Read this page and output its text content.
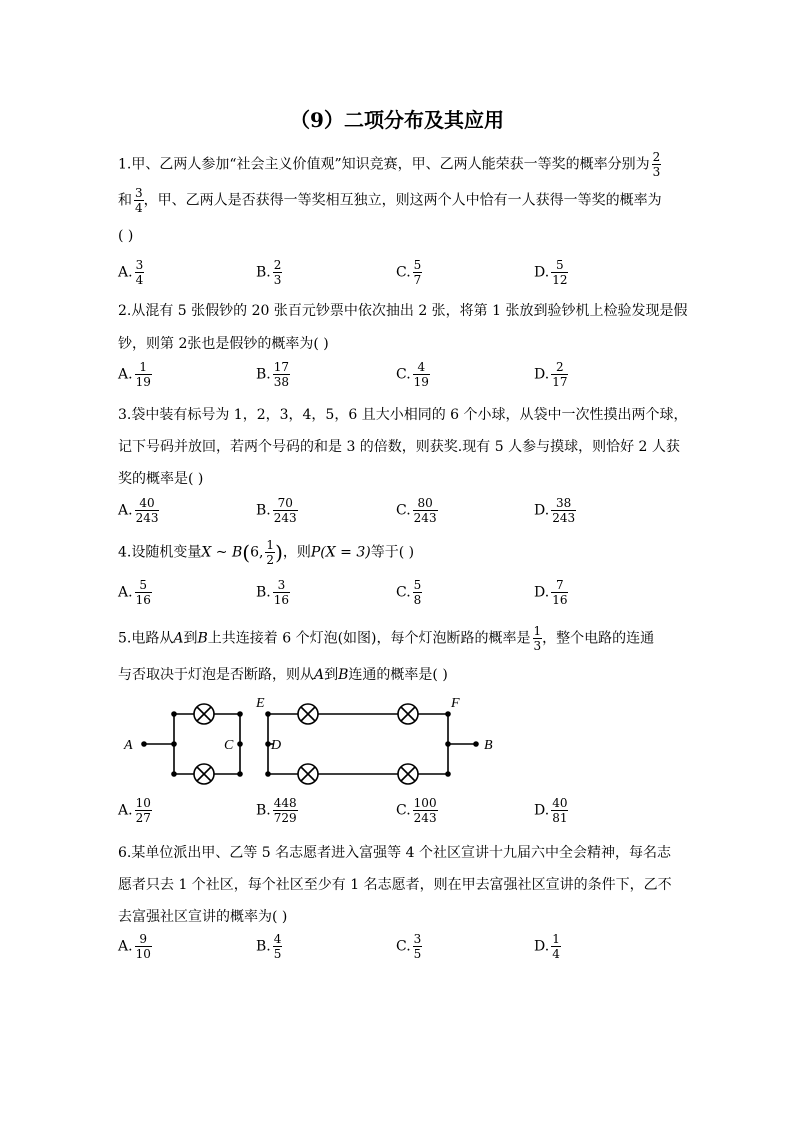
（9）二项分布及其应用
1.甲、乙两人参加“社会主义价值观”知识竞赛，甲、乙两人能荣获一等奖的概率分别为 $\frac{2}{3}$
和 $\frac{3}{4}$ ，甲、乙两人是否获得一等奖相互独立，则这两个人中恰有一人获得一等奖的概率为
( )
A. $\frac{3}{4}$	B. $\frac{2}{3}$	C. $\frac{5}{7}$	D. $\frac{5}{12}$
2.从混有 5 张假钞的 20 张百元钞票中依次抽出 2 张，将第 1 张放到验钞机上检验发现是假
钞，则第 2张也是假钞的概率为( )
A. $\frac{1}{19}$	B. $\frac{17}{38}$	C. $\frac{4}{19}$	D. $\frac{2}{17}$
3.袋中装有标号为 1，2，3，4，5，6 且大小相同的 6 个小球，从袋中一次性摸出两个球，
记下号码并放回，若两个号码的和是 3 的倍数，则获奖.现有 5 人参与摸球，则恰好 2 人获
奖的概率是( )
A. $\frac{40}{243}$	B. $\frac{70}{243}$	C. $\frac{80}{243}$	D. $\frac{38}{243}$
4.设随机变量X ~ B(6, $\frac{1}{2}$ )，则P(X = 3)等于( )
A. $\frac{5}{16}$	B. $\frac{3}{16}$	C. $\frac{5}{8}$	D. $\frac{7}{16}$
5.电路从A到B上共连接着 6 个灯泡(如图)，每个灯泡断路的概率是 $\frac{1}{3}$ ，整个电路的连通
与否取决于灯泡是否断路，则从A到B连通的概率是( )
A	C	D
E	F
B
A. $\frac{10}{27}$	B. $\frac{448}{729}$	C. $\frac{100}{243}$	D. $\frac{40}{81}$
6.某单位派出甲、乙等 5 名志愿者进入富强等 4 个社区宣讲十九届六中全会精神，每名志
愿者只去 1 个社区，每个社区至少有 1 名志愿者，则在甲去富强社区宣讲的条件下，乙不
去富强社区宣讲的概率为( )
A. $\frac{9}{10}$	B. $\frac{4}{5}$	C. $\frac{3}{5}$	D. $\frac{1}{4}$
